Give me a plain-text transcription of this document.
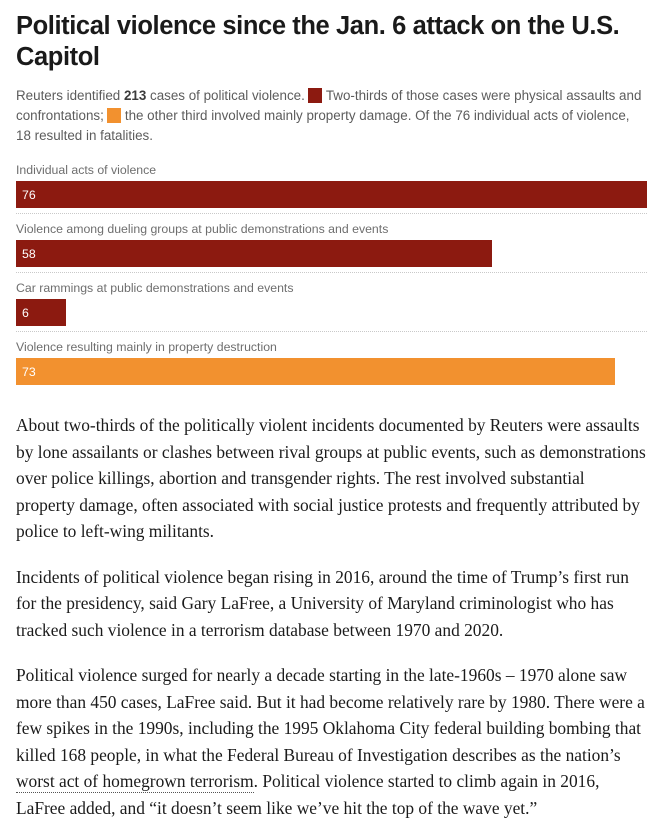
Political violence since the Jan. 6 attack on the U.S. Capitol

Reuters identified 213 cases of political violence. Two-thirds of those cases were physical assaults and confrontations; the other third involved mainly property damage. Of the 76 individual acts of violence, 18 resulted in fatalities.

Individual acts of violence
76
Violence among dueling groups at public demonstrations and events
58
Car rammings at public demonstrations and events
6
Violence resulting mainly in property destruction
73

About two-thirds of the politically violent incidents documented by Reuters were assaults by lone assailants or clashes between rival groups at public events, such as demonstrations over police killings, abortion and transgender rights. The rest involved substantial property damage, often associated with social justice protests and frequently attributed by police to left-wing militants.

Incidents of political violence began rising in 2016, around the time of Trump’s first run for the presidency, said Gary LaFree, a University of Maryland criminologist who has tracked such violence in a terrorism database between 1970 and 2020.

Political violence surged for nearly a decade starting in the late-1960s – 1970 alone saw more than 450 cases, LaFree said. But it had become relatively rare by 1980. There were a few spikes in the 1990s, including the 1995 Oklahoma City federal building bombing that killed 168 people, in what the Federal Bureau of Investigation describes as the nation’s worst act of homegrown terrorism. Political violence started to climb again in 2016, LaFree added, and “it doesn’t seem like we’ve hit the top of the wave yet.”
